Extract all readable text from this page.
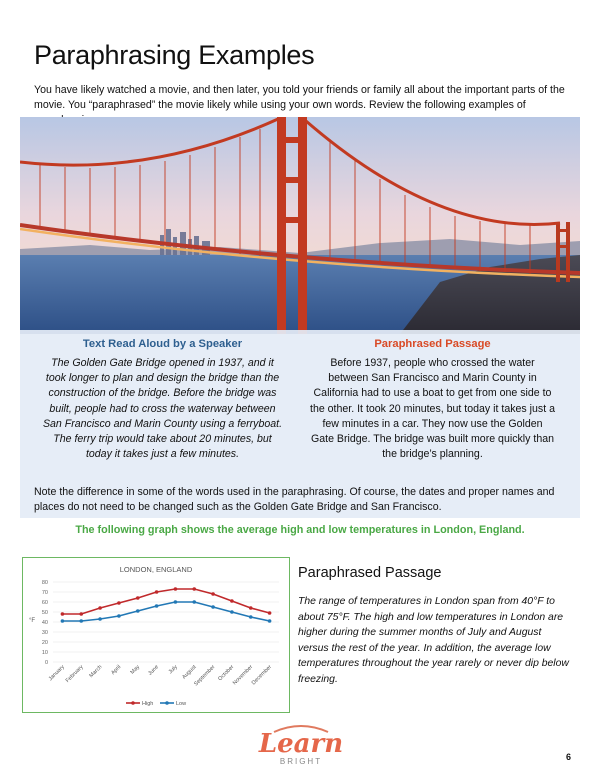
Paraphrasing Examples
You have likely watched a movie, and then later, you told your friends or family all about the important parts of the movie. You “paraphrased” the movie likely while using your own words. Review the following examples of
Text Read Aloud by a Speaker

The Golden Gate Bridge opened in 1937, and it took longer to plan and design the bridge than the construction of the bridge. Before the bridge was built, people had to cross the waterway between San Francisco and Marin County using a ferryboat. The ferry trip would take about 20 minutes, but today it takes just a few minutes.

Paraphrased Passage

Before 1937, people who crossed the water between San Francisco and Marin County in California had to use a boat to get from one side to the other. It took 20 minutes, but today it takes just a few minutes in a car. They now use the Golden Gate Bridge. The bridge was built more quickly than the bridge’s planning.

Note the difference in some of the words used in the paraphrasing. Of course, the dates and proper names and places do not need to be changed such as the Golden Gate Bridge and San Francisco.
The following graph shows the average high and low temperatures in London, England.
LONDON, ENGLAND
°F
0
10
20
30
40
50
60
70
80
January February March April May June July August
September October
November
December
High	Low
Paraphrased Passage
The range of temperatures in London span from 40°F to about 75°F. The high and low temperatures in London are higher during the summer months of July and August versus the rest of the year. In addition, the average low temperatures throughout the year rarely or never dip below freezing.
Learn
BRIGHT	6
